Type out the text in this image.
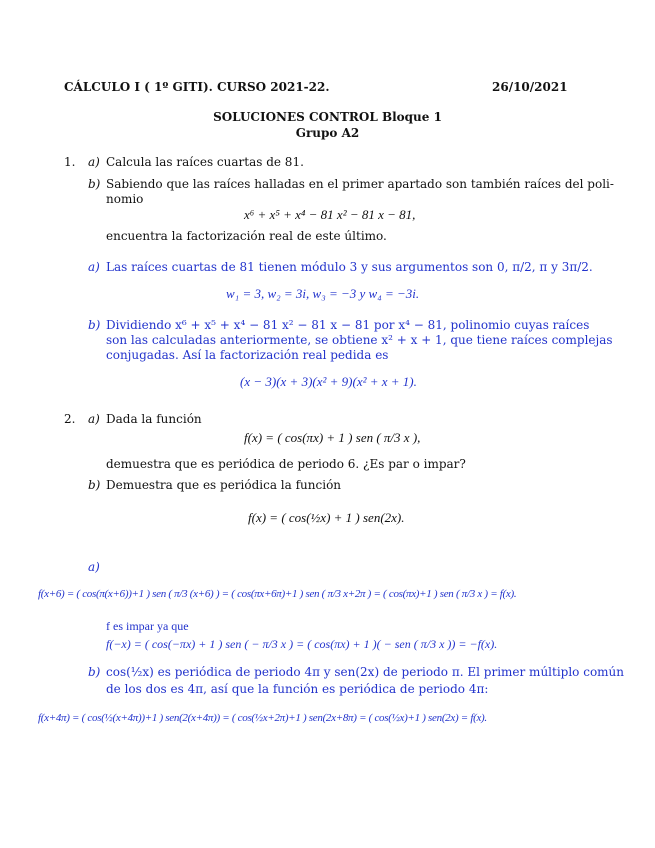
CÁLCULO I ( 1º GITI). CURSO 2021-22.	26/10/2021
SOLUCIONES CONTROL Bloque 1
Grupo A2
1. a) Calcula las raíces cuartas de 81.
b) Sabiendo que las raíces halladas en el primer apartado son también raíces del poli-
nomio
x⁶ + x⁵ + x⁴ − 81 x² − 81 x − 81,
encuentra la factorización real de este último.
a) Las raíces cuartas de 81 tienen módulo 3 y sus argumentos son 0, π/2, π y 3π/2.
w₁ = 3, w₂ = 3i, w₃ = −3 y w₄ = −3i.
b) Dividiendo x⁶ + x⁵ + x⁴ − 81 x² − 81 x − 81 por x⁴ − 81, polinomio cuyas raíces
son las calculadas anteriormente, se obtiene x² + x + 1, que tiene raíces complejas
conjugadas. Así la factorización real pedida es
(x − 3)(x + 3)(x² + 9)(x² + x + 1).
2. a) Dada la función
f(x) = ( cos(πx) + 1 ) sen ( π/3 x ),
demuestra que es periódica de periodo 6. ¿Es par o impar?
b) Demuestra que es periódica la función
f(x) = ( cos(½x) + 1 ) sen(2x).
a)
f(x+6) = ( cos(π(x+6))+1 ) sen ( π/3 (x+6) ) = ( cos(πx+6π)+1 ) sen ( π/3 x+2π ) = ( cos(πx)+1 ) sen ( π/3 x ) = f(x).
f es impar ya que
f(−x) = ( cos(−πx) + 1 ) sen ( − π/3 x ) = ( cos(πx) + 1 )( − sen ( π/3 x )) = −f(x).
b) cos(½x) es periódica de periodo 4π y sen(2x) de periodo π. El primer múltiplo común
de los dos es 4π, así que la función es periódica de periodo 4π:
f(x+4π) = ( cos(½(x+4π))+1 ) sen(2(x+4π)) = ( cos(½x+2π)+1 ) sen(2x+8π) = ( cos(½x)+1 ) sen(2x) = f(x).
